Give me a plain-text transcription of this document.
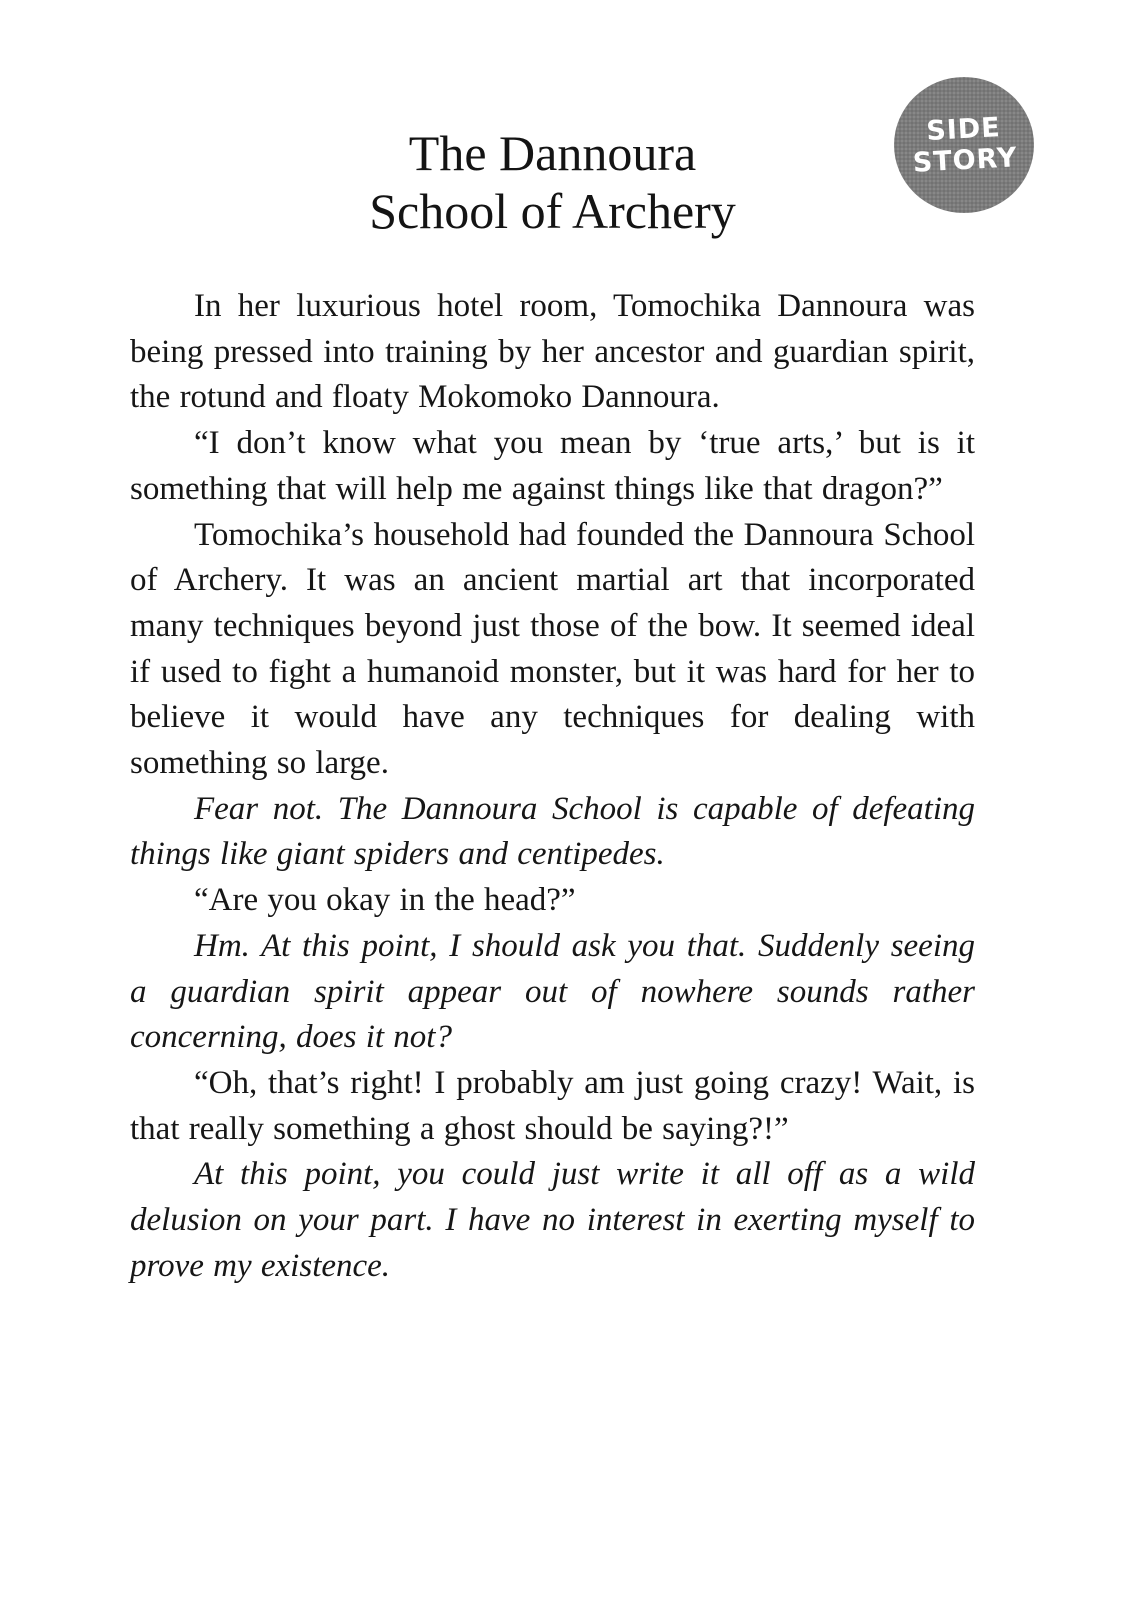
SIDE
STORY
The Dannoura
School of Archery

In her luxurious hotel room, Tomochika Dannoura was being pressed into training by her ancestor and guardian spirit, the rotund and floaty Mokomoko Dannoura.

“I don’t know what you mean by ‘true arts,’ but is it something that will help me against things like that dragon?”

Tomochika’s household had founded the Dannoura School of Archery. It was an ancient martial art that incorporated many techniques beyond just those of the bow. It seemed ideal if used to fight a humanoid monster, but it was hard for her to believe it would have any techniques for dealing with something so large.

Fear not. The Dannoura School is capable of defeating things like giant spiders and centipedes.

“Are you okay in the head?”

Hm. At this point, I should ask you that. Suddenly seeing a guardian spirit appear out of nowhere sounds rather concerning, does it not?

“Oh, that’s right! I probably am just going crazy! Wait, is that really something a ghost should be saying?!”

At this point, you could just write it all off as a wild delusion on your part. I have no interest in exerting myself to prove my existence.
